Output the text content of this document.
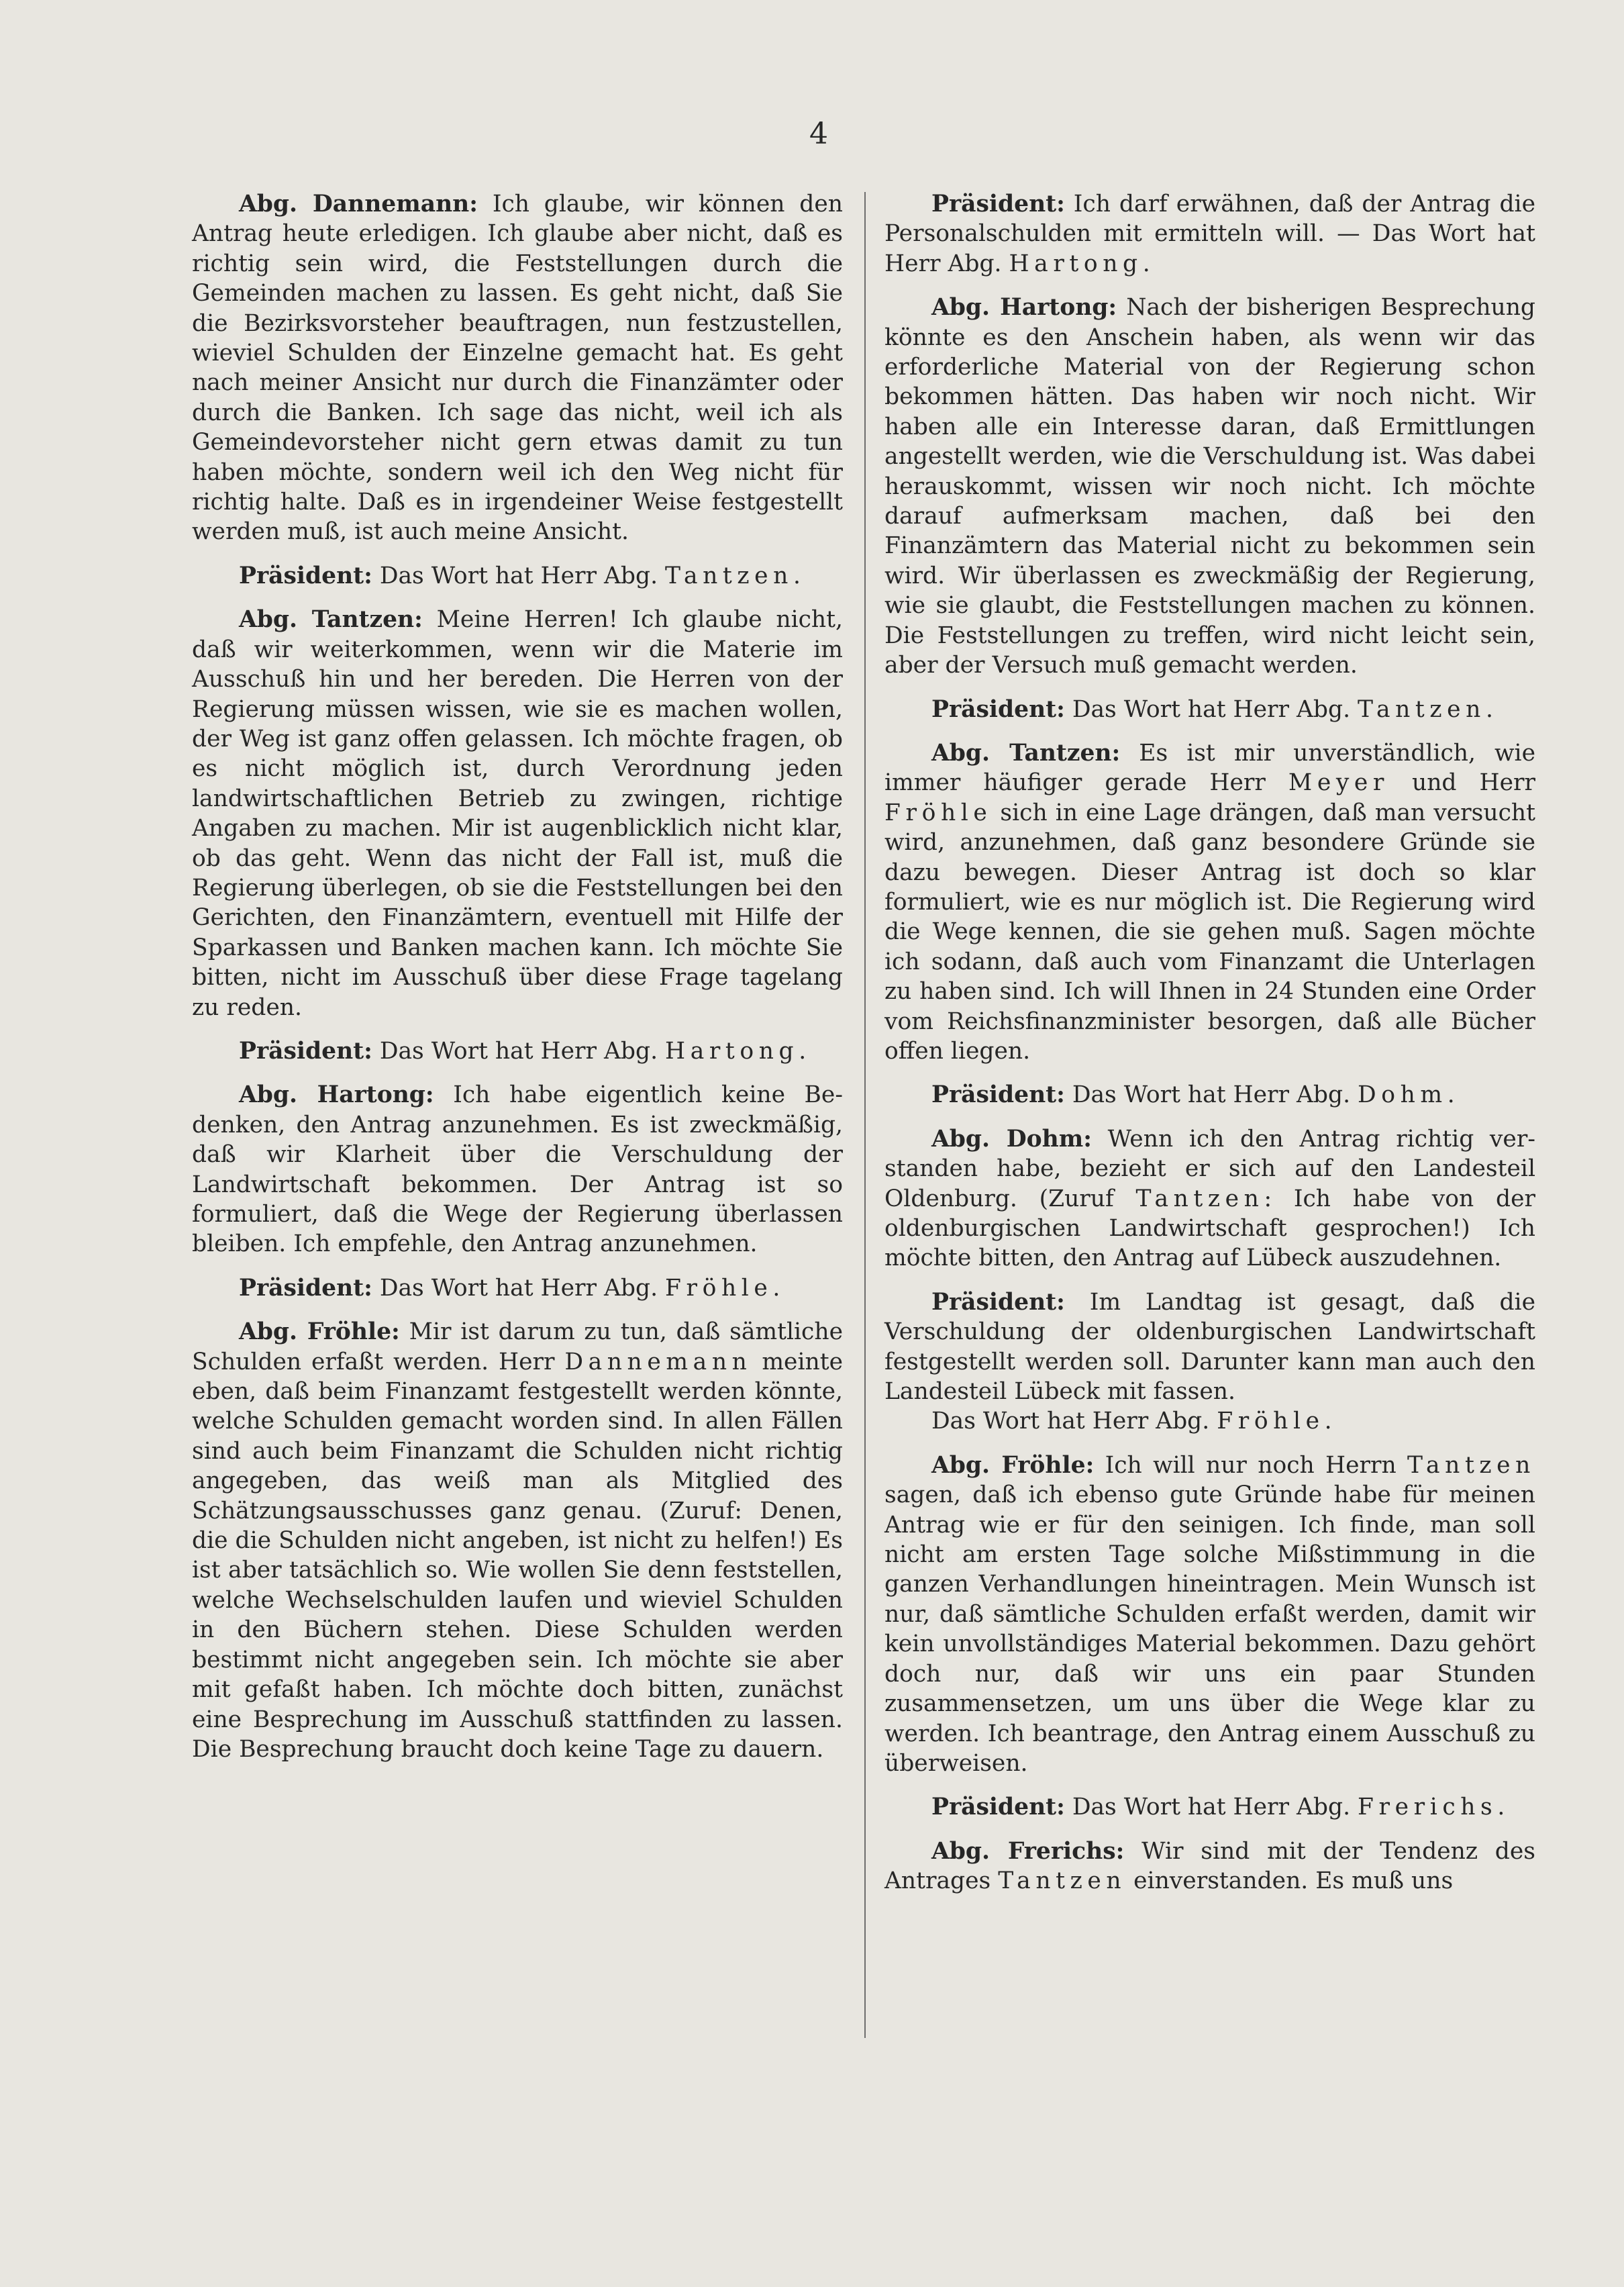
4

Abg. Dannemann: Ich glaube, wir können den Antrag heute erledigen. Ich glaube aber nicht, daß es richtig sein wird, die Feststellungen durch die Gemeinden machen zu lassen. Es geht nicht, daß Sie die Bezirksvorsteher beauftragen, nun festzustellen, wieviel Schulden der Einzelne gemacht hat. Es geht nach meiner Ansicht nur durch die Finanzämter oder durch die Banken. Ich sage das nicht, weil ich als Gemeindevorsteher nicht gern etwas damit zu tun haben möchte, sondern weil ich den Weg nicht für richtig halte. Daß es in irgendeiner Weise festgestellt werden muß, ist auch meine Ansicht.

Präsident: Das Wort hat Herr Abg. Tantzen.

Abg. Tantzen: Meine Herren! Ich glaube nicht, daß wir weiterkommen, wenn wir die Materie im Ausschuß hin und her bereden. Die Herren von der Regierung müssen wissen, wie sie es machen wollen, der Weg ist ganz offen gelassen. Ich möchte fragen, ob es nicht möglich ist, durch Verordnung jeden landwirtschaftlichen Betrieb zu zwingen, richtige Angaben zu machen. Mir ist augenblicklich nicht klar, ob das geht. Wenn das nicht der Fall ist, muß die Regierung überlegen, ob sie die Feststellungen bei den Gerichten, den Finanzämtern, eventuell mit Hilfe der Sparkassen und Banken machen kann. Ich möchte Sie bitten, nicht im Ausschuß über diese Frage tagelang zu reden.

Präsident: Das Wort hat Herr Abg. Hartong.

Abg. Hartong: Ich habe eigentlich keine Bedenken, den Antrag anzunehmen. Es ist zweckmäßig, daß wir Klarheit über die Verschuldung der Landwirtschaft bekommen. Der Antrag ist so formuliert, daß die Wege der Regierung überlassen bleiben. Ich empfehle, den Antrag anzunehmen.

Präsident: Das Wort hat Herr Abg. Fröhle.

Abg. Fröhle: Mir ist darum zu tun, daß sämtliche Schulden erfaßt werden. Herr Dannemann meinte eben, daß beim Finanzamt festgestellt werden könnte, welche Schulden gemacht worden sind. In allen Fällen sind auch beim Finanzamt die Schulden nicht richtig angegeben, das weiß man als Mitglied des Schätzungsausschusses ganz genau. (Zuruf: Denen, die die Schulden nicht angeben, ist nicht zu helfen!) Es ist aber tatsächlich so. Wie wollen Sie denn feststellen, welche Wechselschulden laufen und wieviel Schulden in den Büchern stehen. Diese Schulden werden bestimmt nicht angegeben sein. Ich möchte sie aber mit gefaßt haben. Ich möchte doch bitten, zunächst eine Besprechung im Ausschuß stattfinden zu lassen. Die Besprechung braucht doch keine Tage zu dauern.

Präsident: Ich darf erwähnen, daß der Antrag die Personalschulden mit ermitteln will. — Das Wort hat Herr Abg. Hartong.

Abg. Hartong: Nach der bisherigen Besprechung könnte es den Anschein haben, als wenn wir das erforderliche Material von der Regierung schon bekommen hätten. Das haben wir noch nicht. Wir haben alle ein Interesse daran, daß Ermittlungen angestellt werden, wie die Verschuldung ist. Was dabei herauskommt, wissen wir noch nicht. Ich möchte darauf aufmerksam machen, daß bei den Finanzämtern das Material nicht zu bekommen sein wird. Wir überlassen es zweckmäßig der Regierung, wie sie glaubt, die Feststellungen machen zu können. Die Feststellungen zu treffen, wird nicht leicht sein, aber der Versuch muß gemacht werden.

Präsident: Das Wort hat Herr Abg. Tantzen.

Abg. Tantzen: Es ist mir unverständlich, wie immer häufiger gerade Herr Meyer und Herr Fröhle sich in eine Lage drängen, daß man versucht wird, anzunehmen, daß ganz besondere Gründe sie dazu bewegen. Dieser Antrag ist doch so klar formuliert, wie es nur möglich ist. Die Regierung wird die Wege kennen, die sie gehen muß. Sagen möchte ich sodann, daß auch vom Finanzamt die Unterlagen zu haben sind. Ich will Ihnen in 24 Stunden eine Order vom Reichsfinanzminister besorgen, daß alle Bücher offen liegen.

Präsident: Das Wort hat Herr Abg. Dohm.

Abg. Dohm: Wenn ich den Antrag richtig verstanden habe, bezieht er sich auf den Landesteil Oldenburg. (Zuruf Tantzen: Ich habe von der oldenburgischen Landwirtschaft gesprochen!) Ich möchte bitten, den Antrag auf Lübeck auszudehnen.

Präsident: Im Landtag ist gesagt, daß die Verschuldung der oldenburgischen Landwirtschaft festgestellt werden soll. Darunter kann man auch den Landesteil Lübeck mit fassen.

Das Wort hat Herr Abg. Fröhle.

Abg. Fröhle: Ich will nur noch Herrn Tantzen sagen, daß ich ebenso gute Gründe habe für meinen Antrag wie er für den seinigen. Ich finde, man soll nicht am ersten Tage solche Mißstimmung in die ganzen Verhandlungen hineintragen. Mein Wunsch ist nur, daß sämtliche Schulden erfaßt werden, damit wir kein unvollständiges Material bekommen. Dazu gehört doch nur, daß wir uns ein paar Stunden zusammensetzen, um uns über die Wege klar zu werden. Ich beantrage, den Antrag einem Ausschuß zu überweisen.

Präsident: Das Wort hat Herr Abg. Frerichs.

Abg. Frerichs: Wir sind mit der Tendenz des Antrages Tantzen einverstanden. Es muß uns
